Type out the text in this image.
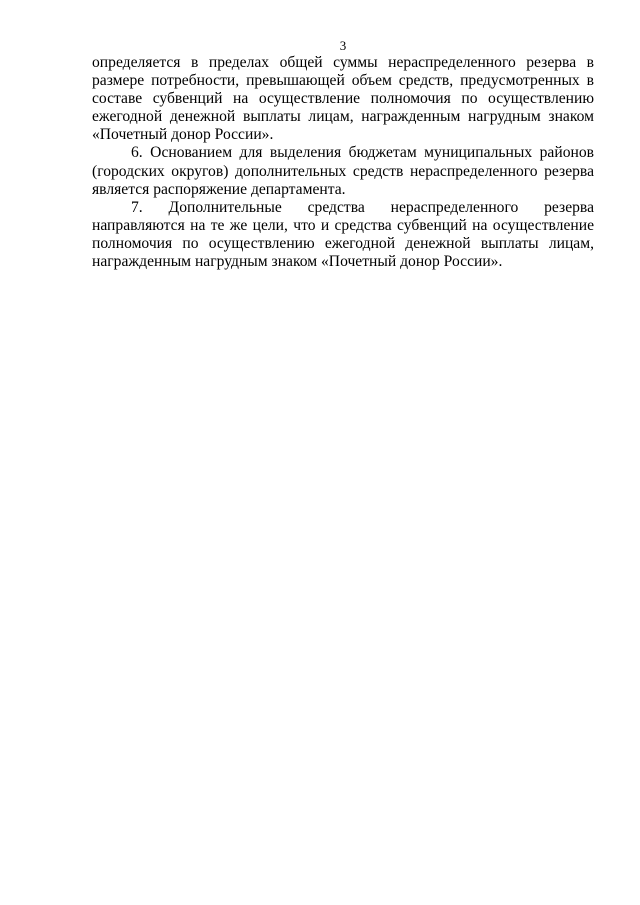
3

определяется в пределах общей суммы нераспределенного резерва в размере потребности, превышающей объем средств, предусмотренных в составе субвенций на осуществление полномочия по осуществлению ежегодной денежной выплаты лицам, награжденным нагрудным знаком «Почетный донор России».

6. Основанием для выделения бюджетам муниципальных районов (городских округов) дополнительных средств нераспределенного резерва является распоряжение департамента.

7. Дополнительные средства нераспределенного резерва направляются на те же цели, что и средства субвенций на осуществление полномочия по осуществлению ежегодной денежной выплаты лицам, награжденным нагрудным знаком «Почетный донор России».
